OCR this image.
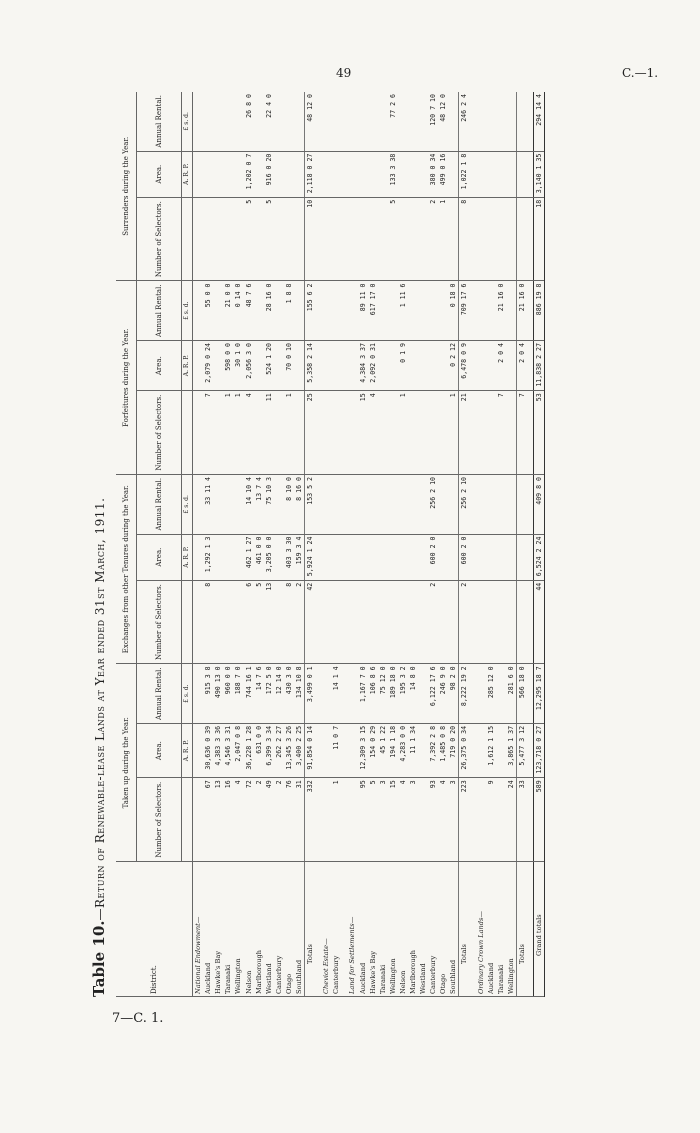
49	C.—1.
Table 10.—Return of Renewable-lease Lands at Year ended 31st March, 1911.
District.	Taken up during the Year.			Exchanges from other Tenures during the Year.			Forfeitures during the Year.			Surrenders during the Year.		
	Number of Selectors.	Area.	Annual Rental.	Number of Selectors.	Area.	Annual Rental.	Number of Selectors.	Area.	Annual Rental.	Number of Selectors.	Area.	Annual Rental.
		A. R. P.	£ s. d.		A. R. P.	£ s. d.		A. R. P.	£ s. d.		A. R. P.	£ s. d.
National Endowment—												
Auckland	67	30,636 0 39	915 3 8	8	1,292 1 3	33 11 4	7	2,079 0 24	55 0 0			
Hawke's Bay	13	4,383 3 36	490 13 0									
Taranaki	16	4,546 3 31	960 0 0				1	598 0 0	21 0 0			
Wellington	4	2,047 0 8	188 7 0				1	30 1 0	0 14 0			
Nelson	72	36,228 1 28	744 16 1	6	462 1 27	14 10 4	4	2,056 3 0	48 7 6	5	1,202 0 7	26 8 0
Marlborough	2	631 0 0	14 7 6	5	461 0 0	13 7 4						
Westland	49	6,399 3 34	172 5 0	13	3,205 0 0	75 10 3	11	524 1 20	28 16 0	5	916 0 20	22 4 0
Canterbury	2	262 2 27	12 14 0									
Otago	76	13,345 3 26	430 3 0	8	403 3 30	8 10 0	1	70 0 10	1 8 8			
Southland	31	3,400 2 25	134 10 8	2	159 3 4	8 16 0						
Totals	332	91,854 0 14	3,499 0 1	42	5,924 1 24	153 5 2	25	5,358 2 14	155 6 2	10	2,118 0 27	48 12 0

Cheviot Estate—												
Canterbury	1	11 0 7	14 1 4									

Land for Settlements—												
Auckland	95	12,309 3 15	1,167 7 0				15	4,384 3 37	89 11 0			
Hawke's Bay	5	154 0 29	106 8 6				4	2,092 0 31	617 17 0			
Taranaki	3	45 1 22	75 12 0									
Wellington	15	194 1 18	189 18 0							5	133 3 38	77 2 6
Nelson	4	4,283 0 0	195 3 2				1	0 1 9	1 11 6			
Marlborough	3	11 1 34	14 8 0									
Westland												
Canterbury	93	7,392 2 8	6,122 17 6	2	600 2 0	256 2 10				2	380 0 34	120 7 10
Otago	4	1,485 0 8	246 9 0							1	499 0 16	48 12 0
Southland	3	719 0 20	98 2 0				1	0 2 12	0 18 0			
Totals	223	26,375 0 34	8,222 19 2	2	600 2 0	256 2 10	21	6,478 0 9	709 17 6	8	1,022 1 8	246 2 4

Ordinary Crown Lands—												
Auckland	9	1,612 1 15	285 12 0									
Taranaki							7	2 0 4	21 16 0			
Wellington	24	3,865 1 37	281 6 0									
Totals	33	5,477 3 12	566 18 0				7	2 0 4	21 16 0			

Grand totals	589	123,718 0 27	12,295 18 7	44	6,524 2 24	409 8 0	53	11,838 2 27	886 19 8	18	3,140 1 35	294 14 4
7—C. 1.
